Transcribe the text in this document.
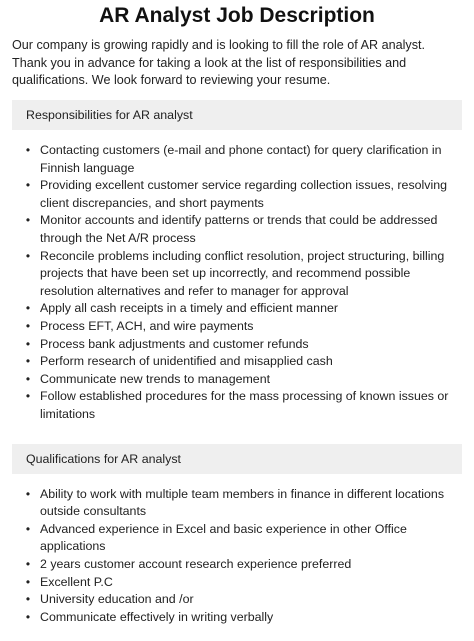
AR Analyst Job Description

Our company is growing rapidly and is looking to fill the role of AR analyst. Thank you in advance for taking a look at the list of responsibilities and qualifications. We look forward to reviewing your resume.

Responsibilities for AR analyst
• Contacting customers (e-mail and phone contact) for query clarification in Finnish language
• Providing excellent customer service regarding collection issues, resolving client discrepancies, and short payments
• Monitor accounts and identify patterns or trends that could be addressed through the Net A/R process
• Reconcile problems including conflict resolution, project structuring, billing projects that have been set up incorrectly, and recommend possible resolution alternatives and refer to manager for approval
• Apply all cash receipts in a timely and efficient manner
• Process EFT, ACH, and wire payments
• Process bank adjustments and customer refunds
• Perform research of unidentified and misapplied cash
• Communicate new trends to management
• Follow established procedures for the mass processing of known issues or limitations
Qualifications for AR analyst
• Ability to work with multiple team members in finance in different locations outside consultants
• Advanced experience in Excel and basic experience in other Office applications
• 2 years customer account research experience preferred
• Excellent P.C
• University education and /or
• Communicate effectively in writing verbally
